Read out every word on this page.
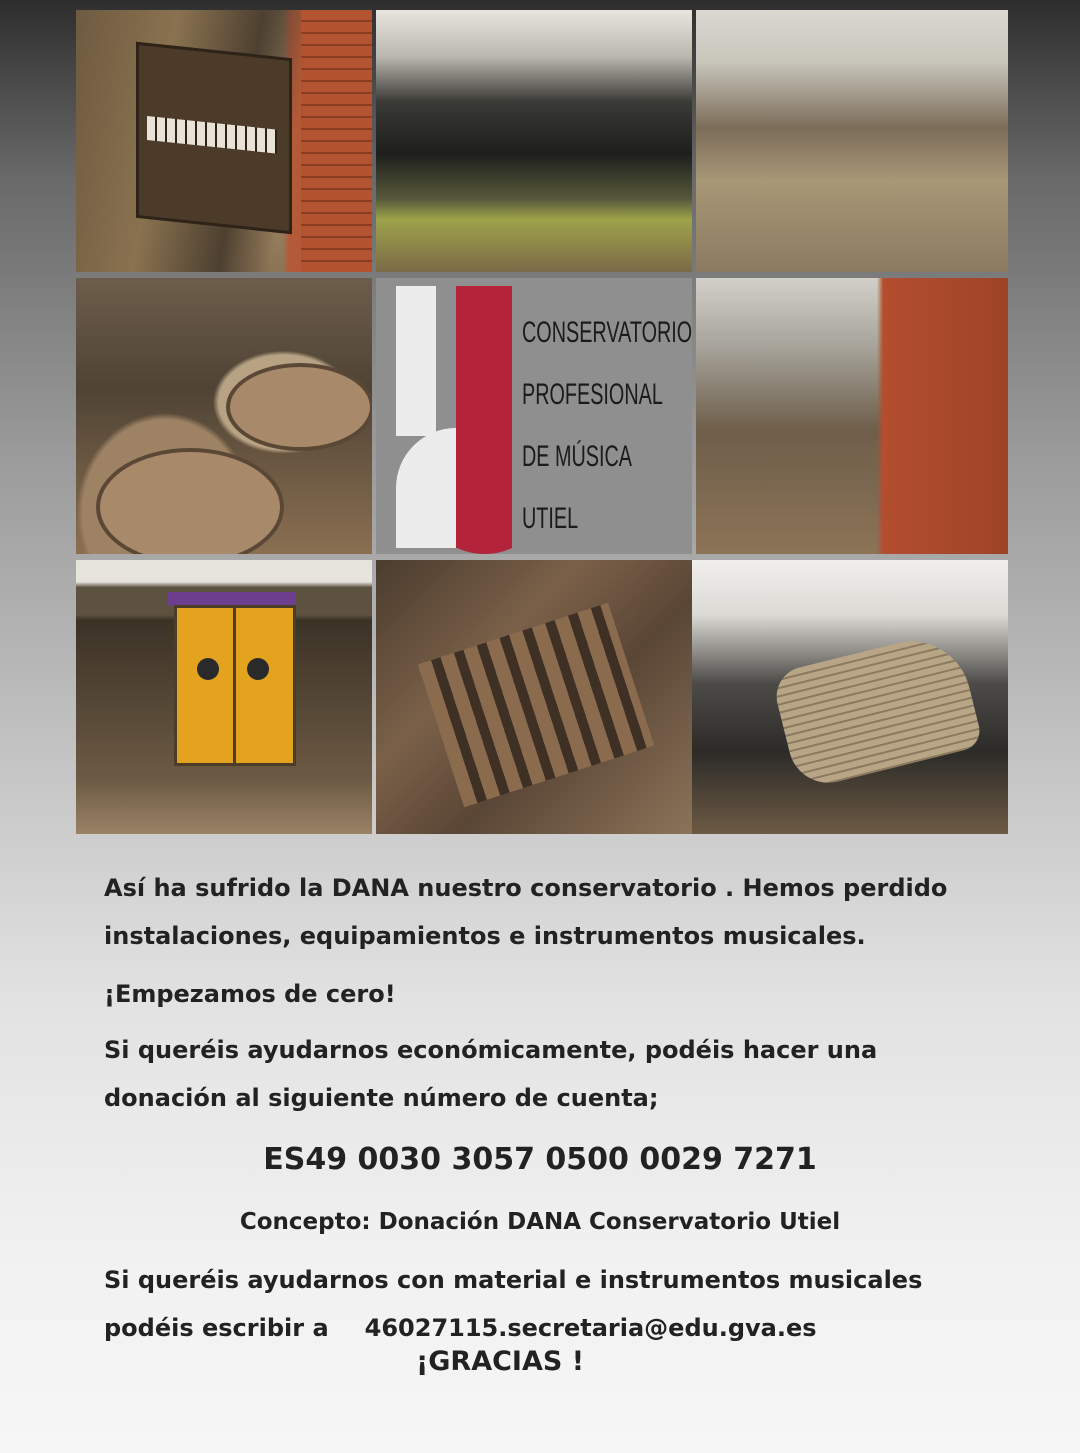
CONSERVATORIO
PROFESIONAL
DE MÚSICA
UTIEL
Así ha sufrido la DANA nuestro conservatorio . Hemos perdido
instalaciones, equipamientos e instrumentos musicales.
¡Empezamos de cero!
Si queréis ayudarnos económicamente, podéis hacer una
donación al siguiente número de cuenta;
ES49 0030 3057 0500 0029 7271
Concepto: Donación DANA Conservatorio Utiel
Si queréis ayudarnos con material e instrumentos musicales
podéis escribir a 46027115.secretaria@edu.gva.es
¡GRACIAS !
